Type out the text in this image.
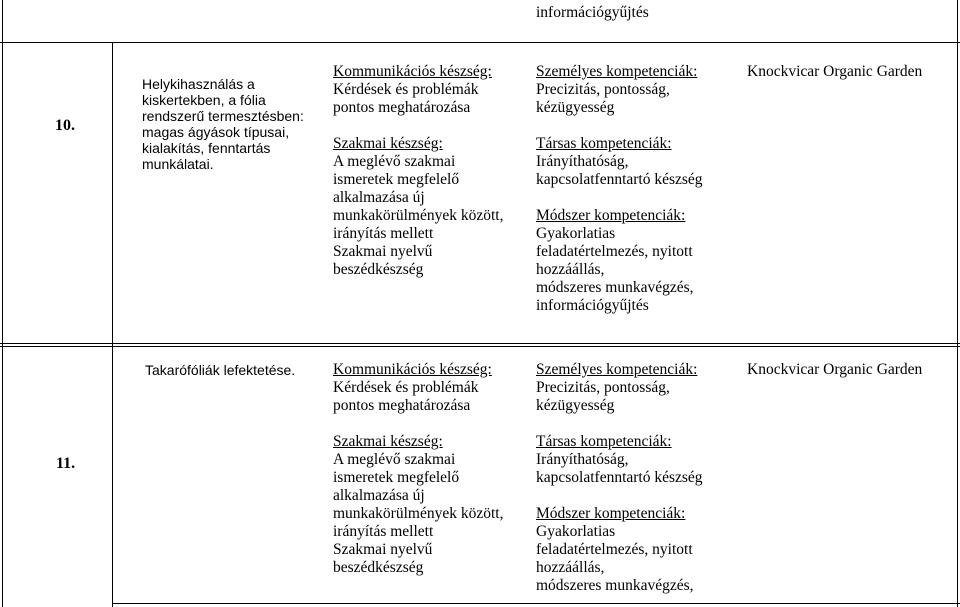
információgyűjtés
10.
Helykihasználás a
kiskertekben, a fólia
rendszerű termesztésben:
magas ágyások típusai,
kialakítás, fenntartás
munkálatai.
Kommunikációs készség:
Kérdések és problémák
pontos meghatározása
Szakmai készség:
A meglévő szakmai
ismeretek megfelelő
alkalmazása új
munkakörülmények között,
irányítás mellett
Szakmai nyelvű
beszédkészség
Személyes kompetenciák:
Precizitás, pontosság,
kézügyesség
Társas kompetenciák:
Irányíthatóság,
kapcsolatfenntartó készség
Módszer kompetenciák:
Gyakorlatias
feladatértelmezés, nyitott
hozzáállás,
módszeres munkavégzés,
információgyűjtés
Knockvicar Organic Garden
11.
Takarófóliák lefektetése. Kommunikációs készség:
Kérdések és problémák
pontos meghatározása
Szakmai készség:
A meglévő szakmai
ismeretek megfelelő
alkalmazása új
munkakörülmények között,
irányítás mellett
Szakmai nyelvű
beszédkészség
Személyes kompetenciák:
Precizitás, pontosság,
kézügyesség
Társas kompetenciák:
Irányíthatóság,
kapcsolatfenntartó készség
Módszer kompetenciák:
Gyakorlatias
feladatértelmezés, nyitott
hozzáállás,
módszeres munkavégzés,
Knockvicar Organic Garden
